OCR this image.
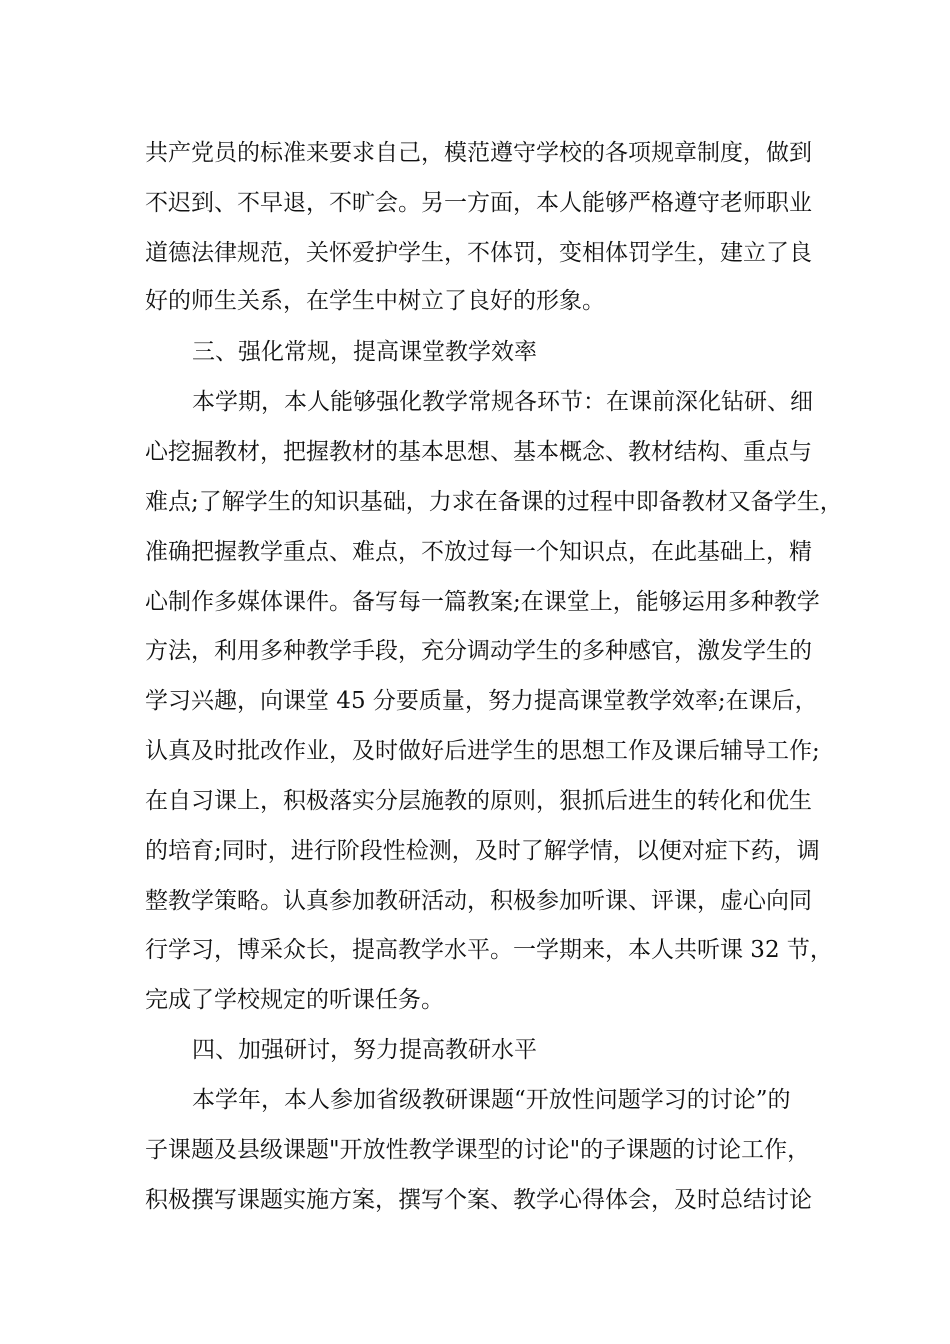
共产党员的标准来要求自己，模范遵守学校的各项规章制度，做到
不迟到、不早退，不旷会。另一方面，本人能够严格遵守老师职业
道德法律规范，关怀爱护学生，不体罚，变相体罚学生，建立了良
好的师生关系，在学生中树立了良好的形象。
三、强化常规，提高课堂教学效率
本学期，本人能够强化教学常规各环节：在课前深化钻研、细
心挖掘教材，把握教材的基本思想、基本概念、教材结构、重点与
难点;了解学生的知识基础，力求在备课的过程中即备教材又备学生，
准确把握教学重点、难点，不放过每一个知识点，在此基础上，精
心制作多媒体课件。备写每一篇教案;在课堂上，能够运用多种教学
方法，利用多种教学手段，充分调动学生的多种感官，激发学生的
学习兴趣，向课堂 45 分要质量，努力提高课堂教学效率;在课后，
认真及时批改作业，及时做好后进学生的思想工作及课后辅导工作;
在自习课上，积极落实分层施教的原则，狠抓后进生的转化和优生
的培育;同时，进行阶段性检测，及时了解学情，以便对症下药，调
整教学策略。认真参加教研活动，积极参加听课、评课，虚心向同
行学习，博采众长，提高教学水平。一学期来，本人共听课 32 节，
完成了学校规定的听课任务。
四、加强研讨，努力提高教研水平
本学年，本人参加省级教研课题“开放性问题学习的讨论”的
子课题及县级课题"开放性教学课型的讨论"的子课题的讨论工作，
积极撰写课题实施方案，撰写个案、教学心得体会，及时总结讨论
